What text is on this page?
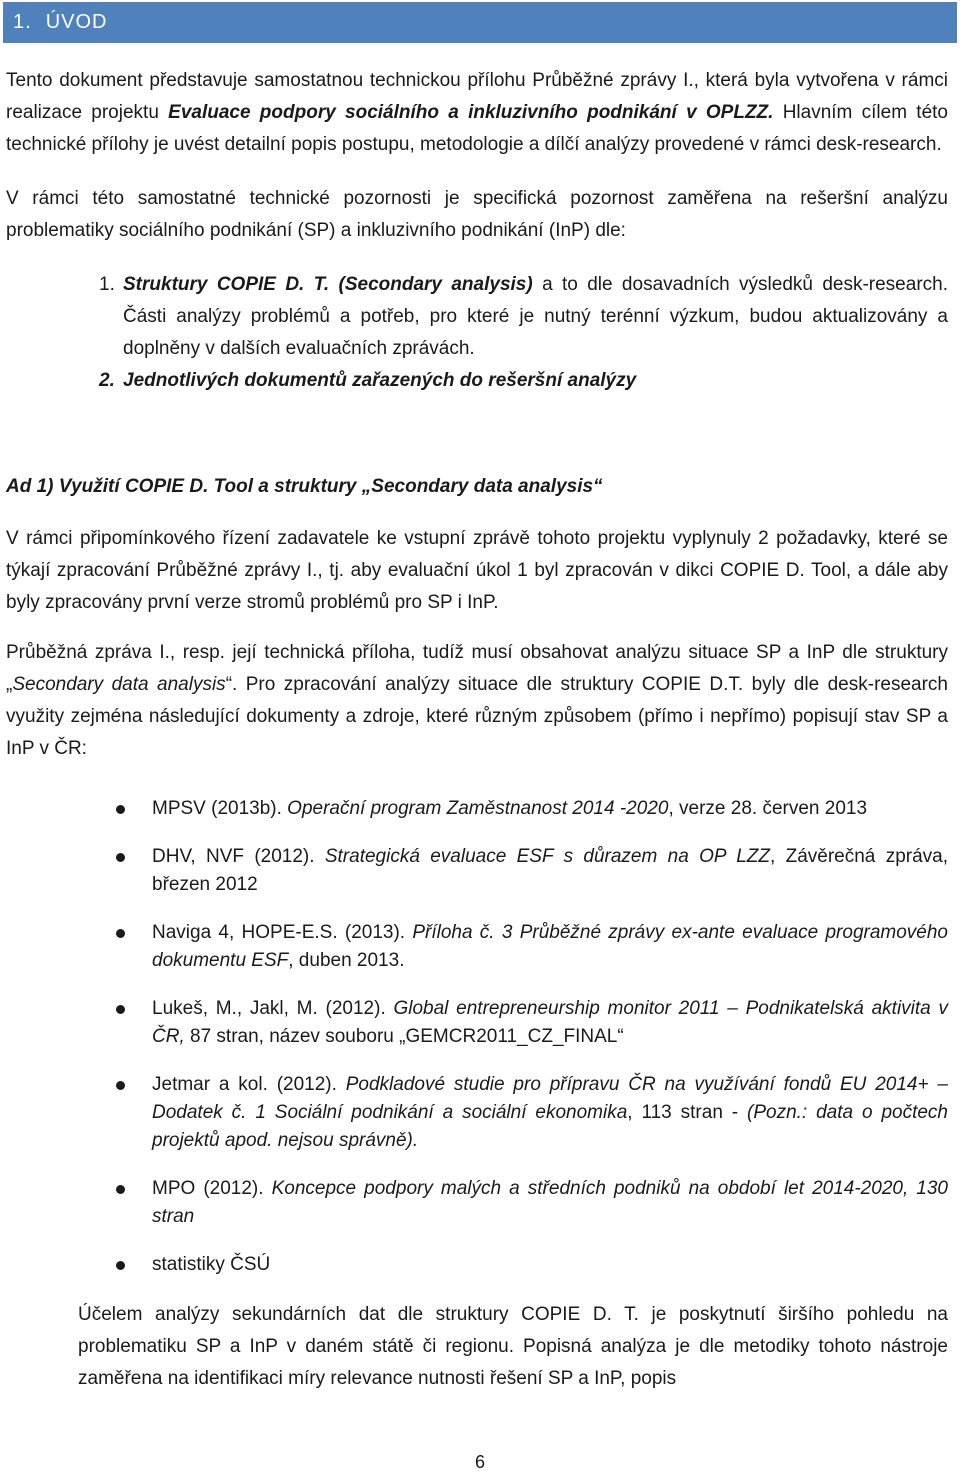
1. ÚVOD

Tento dokument představuje samostatnou technickou přílohu Průběžné zprávy I., která byla vytvořena v rámci realizace projektu Evaluace podpory sociálního a inkluzivního podnikání v OPLZZ. Hlavním cílem této technické přílohy je uvést detailní popis postupu, metodologie a dílčí analýzy provedené v rámci desk-research.

V rámci této samostatné technické pozornosti je specifická pozornost zaměřena na rešeršní analýzu problematiky sociálního podnikání (SP) a inkluzivního podnikání (InP) dle:

1. Struktury COPIE D. T. (Secondary analysis) a to dle dosavadních výsledků desk-research. Části analýzy problémů a potřeb, pro které je nutný terénní výzkum, budou aktualizovány a doplněny v dalších evaluačních zprávách.
2. Jednotlivých dokumentů zařazených do rešeršní analýzy

Ad 1) Využití COPIE D. Tool a struktury „Secondary data analysis“

V rámci připomínkového řízení zadavatele ke vstupní zprávě tohoto projektu vyplynuly 2 požadavky, které se týkají zpracování Průběžné zprávy I., tj. aby evaluační úkol 1 byl zpracován v dikci COPIE D. Tool, a dále aby byly zpracovány první verze stromů problémů pro SP i InP.

Průběžná zpráva I., resp. její technická příloha, tudíž musí obsahovat analýzu situace SP a InP dle struktury „Secondary data analysis“. Pro zpracování analýzy situace dle struktury COPIE D.T. byly dle desk-research využity zejména následující dokumenty a zdroje, které různým způsobem (přímo i nepřímo) popisují stav SP a InP v ČR:

MPSV (2013b). Operační program Zaměstnanost 2014 -2020, verze 28. červen 2013
DHV, NVF (2012). Strategická evaluace ESF s důrazem na OP LZZ, Závěrečná zpráva, březen 2012
Naviga 4, HOPE-E.S. (2013). Příloha č. 3 Průběžné zprávy ex-ante evaluace programového dokumentu ESF, duben 2013.
Lukeš, M., Jakl, M. (2012). Global entrepreneurship monitor 2011 – Podnikatelská aktivita v ČR, 87 stran, název souboru „GEMCR2011_CZ_FINAL“
Jetmar a kol. (2012). Podkladové studie pro přípravu ČR na využívání fondů EU 2014+ – Dodatek č. 1 Sociální podnikání a sociální ekonomika, 113 stran - (Pozn.: data o počtech projektů apod. nejsou správně).
MPO (2012). Koncepce podpory malých a středních podniků na období let 2014-2020, 130 stran
statistiky ČSÚ

Účelem analýzy sekundárních dat dle struktury COPIE D. T. je poskytnutí širšího pohledu na problematiku SP a InP v daném státě či regionu. Popisná analýza je dle metodiky tohoto nástroje zaměřena na identifikaci míry relevance nutnosti řešení SP a InP, popis

6
